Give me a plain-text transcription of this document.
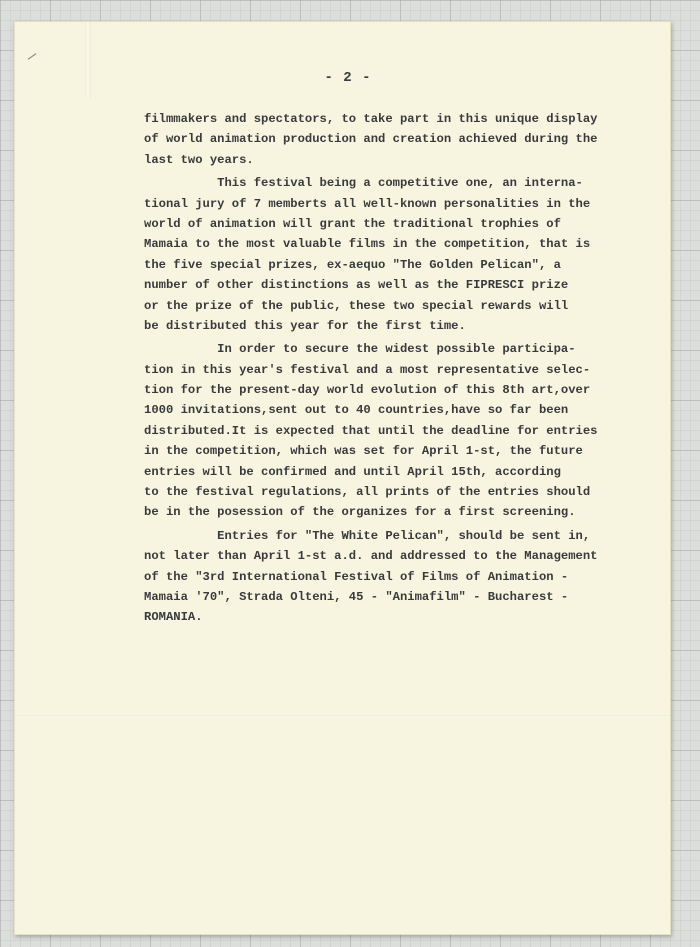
- 2 -
filmmakers and spectators, to take part in this unique display
of world animation production and creation achieved during the
last two years.
This festival being a competitive one, an interna-
tional jury of 7 memberts all well-known personalities in the
world of animation will grant the traditional trophies of
Mamaia to the most valuable films in the competition, that is
the five special prizes, ex-aequo "The Golden Pelican", a
number of other distinctions as well as the FIPRESCI prize
or the prize of the public, these two special rewards will
be distributed this year for the first time.
In order to secure the widest possible participa-
tion in this year's festival and a most representative selec-
tion for the present-day world evolution of this 8th art,over
1000 invitations,sent out to 40 countries,have so far been
distributed.It is expected that until the deadline for entries
in the competition, which was set for April 1-st, the future
entries will be confirmed and until April 15th, according
to the festival regulations, all prints of the entries should
be in the posession of the organizes for a first screening.
Entries for "The White Pelican", should be sent in,
not later than April 1-st a.d. and addressed to the Management
of the "3rd International Festival of Films of Animation -
Mamaia '70", Strada Olteni, 45 - "Animafilm" - Bucharest -
ROMANIA.
